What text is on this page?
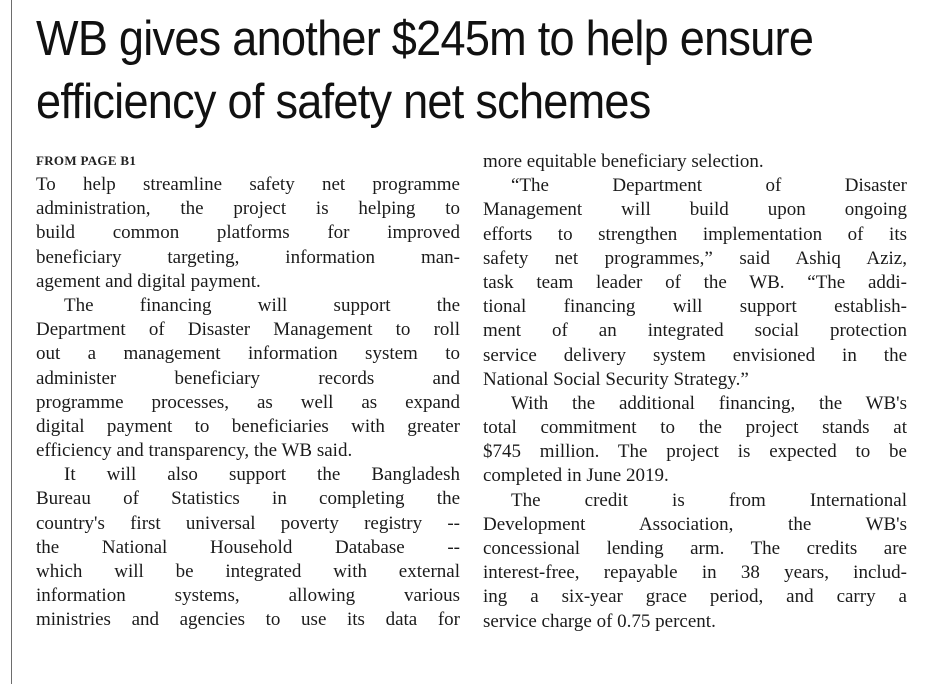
WB gives another $245m to help ensure
efficiency of safety net schemes
FROM PAGE B1

To help streamline safety net programme
administration, the project is helping to
build common platforms for improved
beneficiary targeting, information man-
agement and digital payment.

The financing will support the
Department of Disaster Management to roll
out a management information system to
administer beneficiary records and
programme processes, as well as expand
digital payment to beneficiaries with greater
efficiency and transparency, the WB said.

It will also support the Bangladesh
Bureau of Statistics in completing the
country's first universal poverty registry --
the National Household Database --
which will be integrated with external
information systems, allowing various
ministries and agencies to use its data for

more equitable beneficiary selection.

“The Department of Disaster
Management will build upon ongoing
efforts to strengthen implementation of its
safety net programmes,” said Ashiq Aziz,
task team leader of the WB. “The addi-
tional financing will support establish-
ment of an integrated social protection
service delivery system envisioned in the
National Social Security Strategy.”

With the additional financing, the WB's
total commitment to the project stands at
$745 million. The project is expected to be
completed in June 2019.

The credit is from International
Development Association, the WB's
concessional lending arm. The credits are
interest-free, repayable in 38 years, includ-
ing a six-year grace period, and carry a
service charge of 0.75 percent.
